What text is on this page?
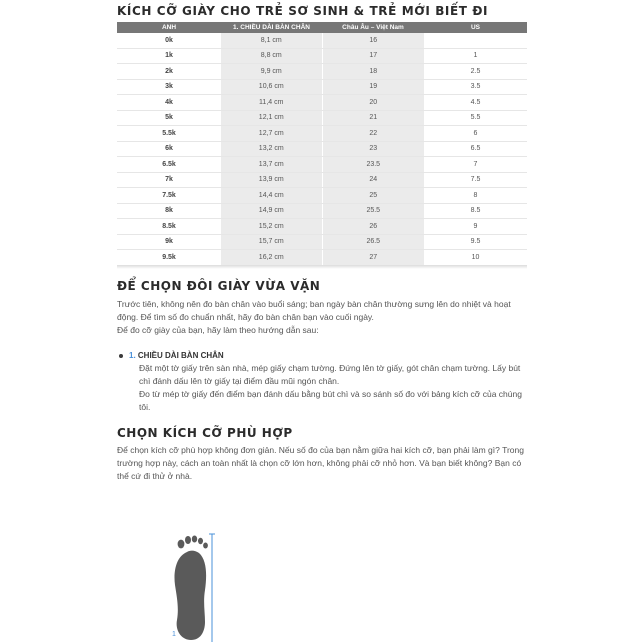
KÍCH CỠ GIÀY CHO TRẺ SƠ SINH & TRẺ MỚI BIẾT ĐI
ANH	1. CHIỀU DÀI BÀN CHÂN	Châu Âu – Việt Nam	US
0k	8,1 cm	16	
1k	8,8 cm	17	1
2k	9,9 cm	18	2.5
3k	10,6 cm	19	3.5
4k	11,4 cm	20	4.5
5k	12,1 cm	21	5.5
5.5k	12,7 cm	22	6
6k	13,2 cm	23	6.5
6.5k	13,7 cm	23.5	7
7k	13,9 cm	24	7.5
7.5k	14,4 cm	25	8
8k	14,9 cm	25.5	8.5
8.5k	15,2 cm	26	9
9k	15,7 cm	26.5	9.5
9.5k	16,2 cm	27	10
ĐỂ CHỌN ĐÔI GIÀY VỪA VẶN

Trước tiên, không nên đo bàn chân vào buổi sáng; ban ngày bàn chân thường sưng lên do nhiệt và hoạt động. Để tìm số đo chuẩn nhất, hãy đo bàn chân bạn vào cuối ngày.

Để đo cỡ giày của bạn, hãy làm theo hướng dẫn sau:

1. CHIỀU DÀI BÀN CHÂN
Đặt một tờ giấy trên sàn nhà, mép giấy chạm tường. Đứng lên tờ giấy, gót chân chạm tường. Lấy bút chì đánh dấu lên tờ giấy tại điểm đầu mũi ngón chân.
Đo từ mép tờ giấy đến điểm bạn đánh dấu bằng bút chì và so sánh số đo với bảng kích cỡ của chúng tôi.
CHỌN KÍCH CỠ PHÙ HỢP

Để chọn kích cỡ phù hợp không đơn giản. Nếu số đo của bạn nằm giữa hai kích cỡ, bạn phải làm gì? Trong trường hợp này, cách an toàn nhất là chọn cỡ lớn hơn, không phải cỡ nhỏ hơn. Và bạn biết không? Bạn có thể cứ đi thử ở nhà.

1
